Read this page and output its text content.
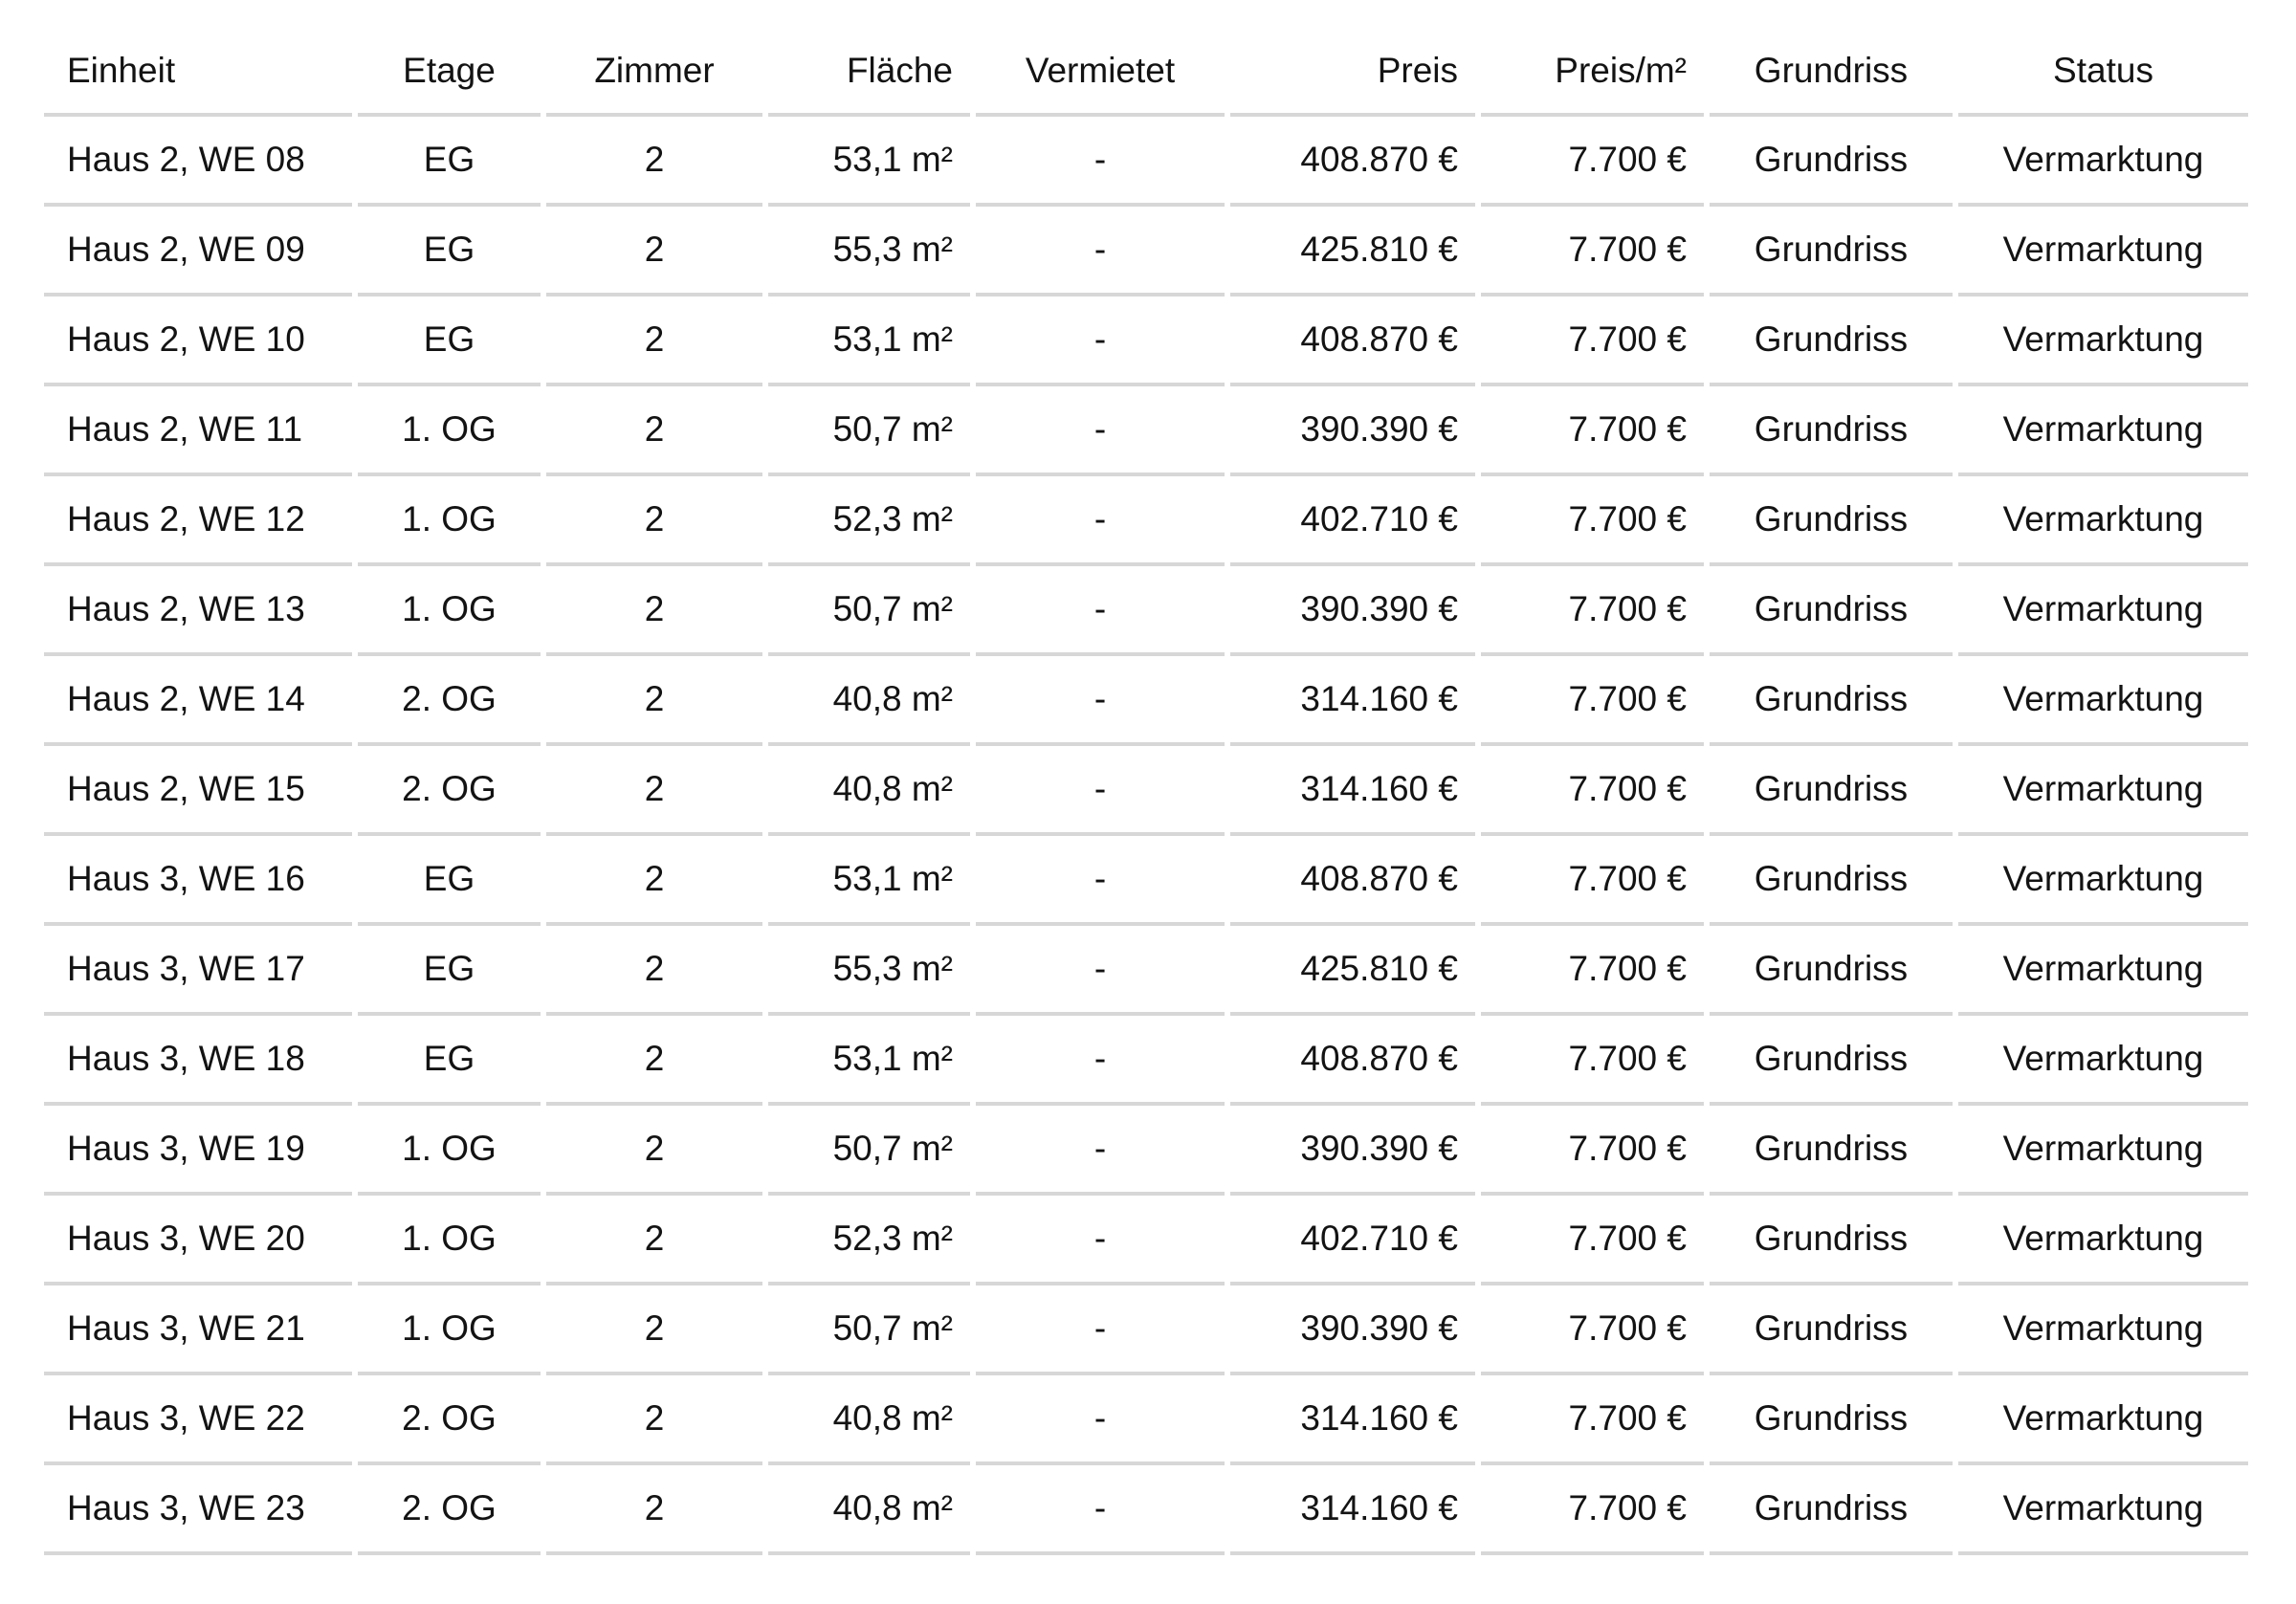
Einheit	Etage	Zimmer	Fläche	Vermietet	Preis	Preis/m²	Grundriss	Status
Haus 2, WE 08	EG	2	53,1 m²	-	408.870 €	7.700 €	Grundriss	Vermarktung
Haus 2, WE 09	EG	2	55,3 m²	-	425.810 €	7.700 €	Grundriss	Vermarktung
Haus 2, WE 10	EG	2	53,1 m²	-	408.870 €	7.700 €	Grundriss	Vermarktung
Haus 2, WE 11	1. OG	2	50,7 m²	-	390.390 €	7.700 €	Grundriss	Vermarktung
Haus 2, WE 12	1. OG	2	52,3 m²	-	402.710 €	7.700 €	Grundriss	Vermarktung
Haus 2, WE 13	1. OG	2	50,7 m²	-	390.390 €	7.700 €	Grundriss	Vermarktung
Haus 2, WE 14	2. OG	2	40,8 m²	-	314.160 €	7.700 €	Grundriss	Vermarktung
Haus 2, WE 15	2. OG	2	40,8 m²	-	314.160 €	7.700 €	Grundriss	Vermarktung
Haus 3, WE 16	EG	2	53,1 m²	-	408.870 €	7.700 €	Grundriss	Vermarktung
Haus 3, WE 17	EG	2	55,3 m²	-	425.810 €	7.700 €	Grundriss	Vermarktung
Haus 3, WE 18	EG	2	53,1 m²	-	408.870 €	7.700 €	Grundriss	Vermarktung
Haus 3, WE 19	1. OG	2	50,7 m²	-	390.390 €	7.700 €	Grundriss	Vermarktung
Haus 3, WE 20	1. OG	2	52,3 m²	-	402.710 €	7.700 €	Grundriss	Vermarktung
Haus 3, WE 21	1. OG	2	50,7 m²	-	390.390 €	7.700 €	Grundriss	Vermarktung
Haus 3, WE 22	2. OG	2	40,8 m²	-	314.160 €	7.700 €	Grundriss	Vermarktung
Haus 3, WE 23	2. OG	2	40,8 m²	-	314.160 €	7.700 €	Grundriss	Vermarktung
